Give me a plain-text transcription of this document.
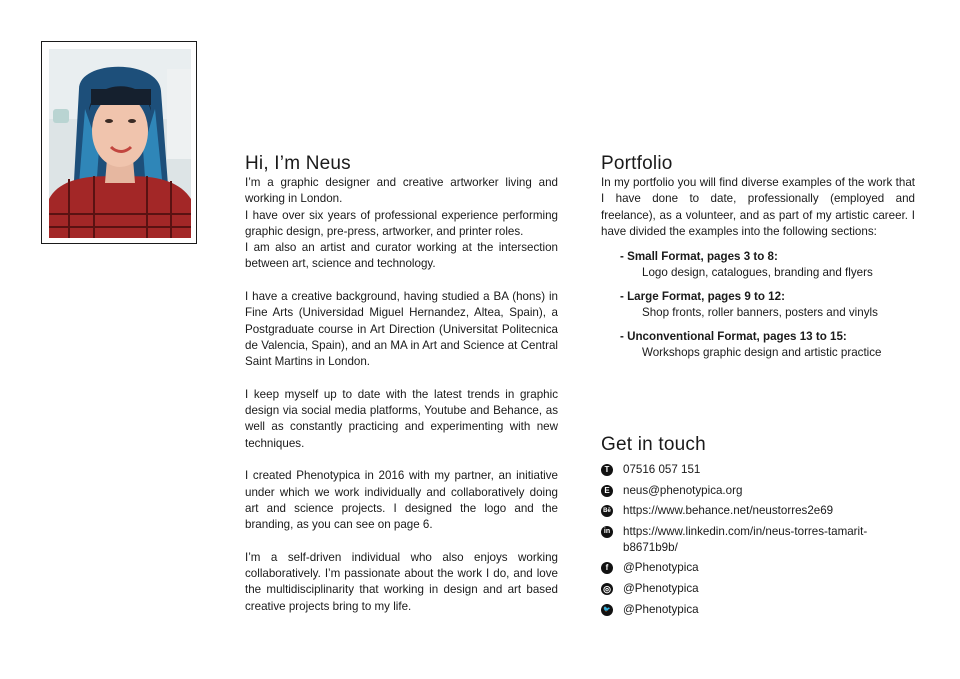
Hi, I’m Neus

I’m a graphic designer and creative artworker living and working in London.

I have over six years of professional experience performing graphic design, pre-press, artworker, and printer roles.

I am also an artist and curator working at the intersection between art, science and technology.

I have a creative background, having studied a BA (hons) in Fine Arts (Universidad Miguel Hernandez, Altea, Spain), a Postgraduate course in Art Direction (Universitat Politecnica de Valencia, Spain), and an MA in Art and Science at Central Saint Martins in London.

I keep myself up to date with the latest trends in graphic design via social media platforms, Youtube and Behance, as well as constantly practicing and experimenting with new techniques.

I created Phenotypica in 2016 with my partner, an initiative under which we work individually and collaboratively doing art and science projects. I designed the logo and the branding, as you can see on page 6.

I’m a self-driven individual who also enjoys working collaboratively. I’m passionate about the work I do, and love the multidisciplinarity that working in design and art based creative projects bring to my life.

Portfolio

In my portfolio you will find diverse examples of the work that I have done to date, professionally (employed and freelance), as a volunteer, and as part of my artistic career. I have divided the examples into the following sections:

- Small Format, pages 3 to 8:
Logo design, catalogues, branding and flyers
- Large Format, pages 9 to 12:
Shop fronts, roller banners, posters and vinyls
- Unconventional Format, pages 13 to 15:
Workshops graphic design and artistic practice
Get in touch
T	07516 057 151
E neus@phenotypica.org
Bē https://www.behance.net/neustorres2e69
in https://www.linkedin.com/in/neus-torres-tamarit-b8671b9b/
f	@Phenotypica
◎ @Phenotypica
🐦 @Phenotypica
